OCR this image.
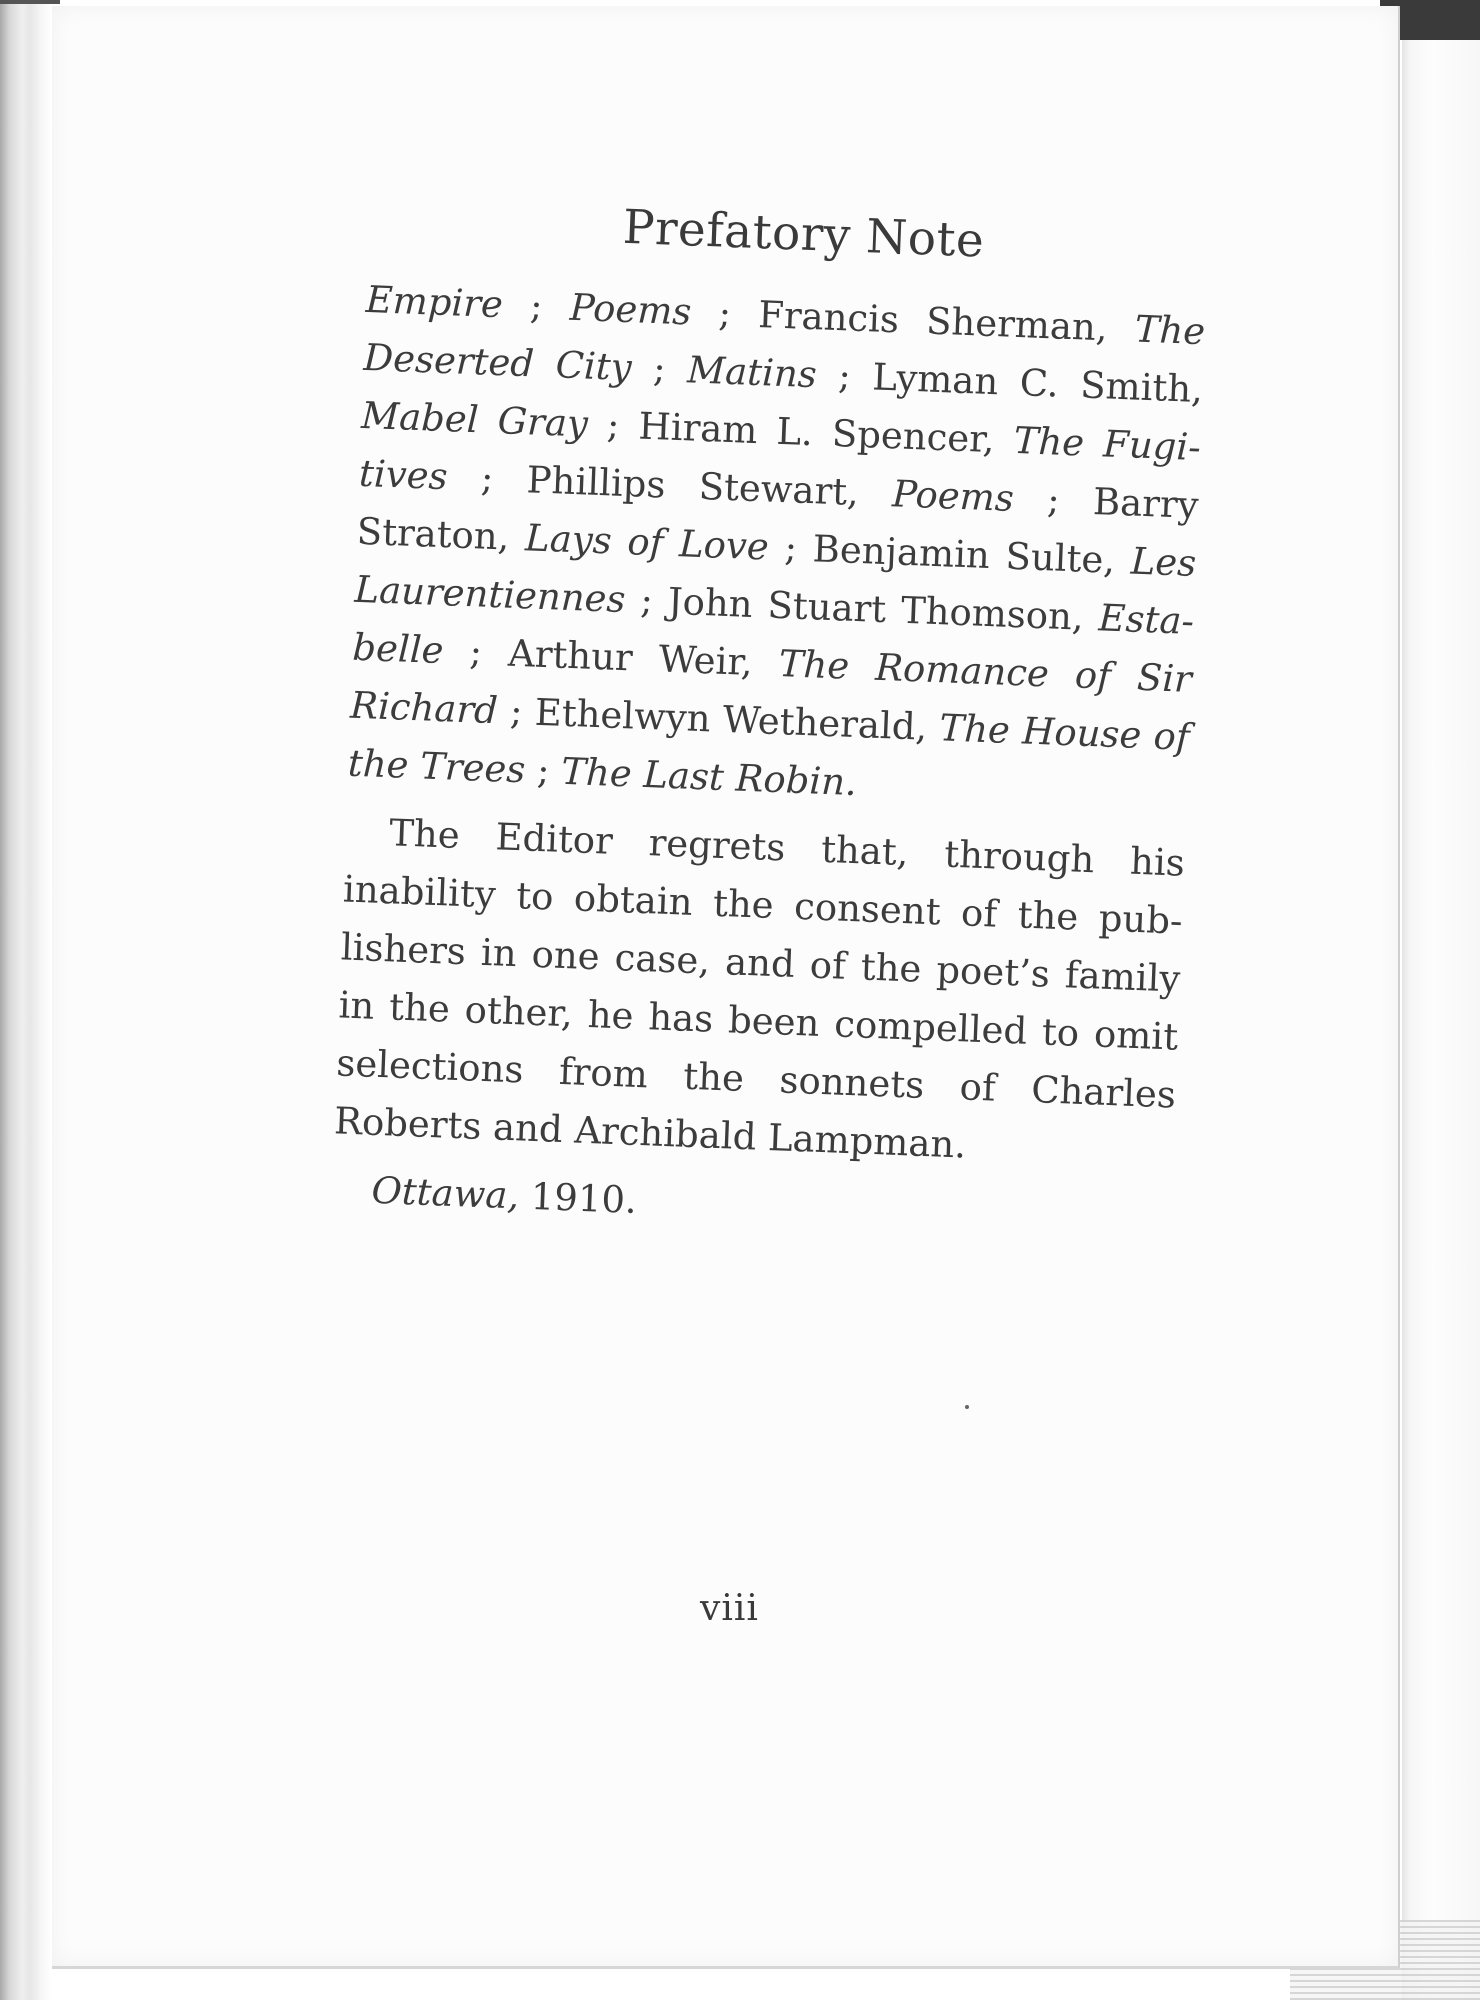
Prefatory Note

Empire ; Poems ; Francis Sherman, The Deserted City ; Matins ; Lyman C. Smith, Mabel Gray ; Hiram L. Spencer, The Fugitives ; Phillips Stewart, Poems ; Barry Straton, Lays of Love ; Benjamin Sulte, Les Laurentiennes ; John Stuart Thomson, Estabelle ; Arthur Weir, The Romance of Sir Richard ; Ethelwyn Wetherald, The House of the Trees ; The Last Robin.

The Editor regrets that, through his inability to obtain the consent of the publishers in one case, and of the poet’s family in the other, he has been compelled to omit selections from the sonnets of Charles Roberts and Archibald Lampman.

Ottawa, 1910.
viii
